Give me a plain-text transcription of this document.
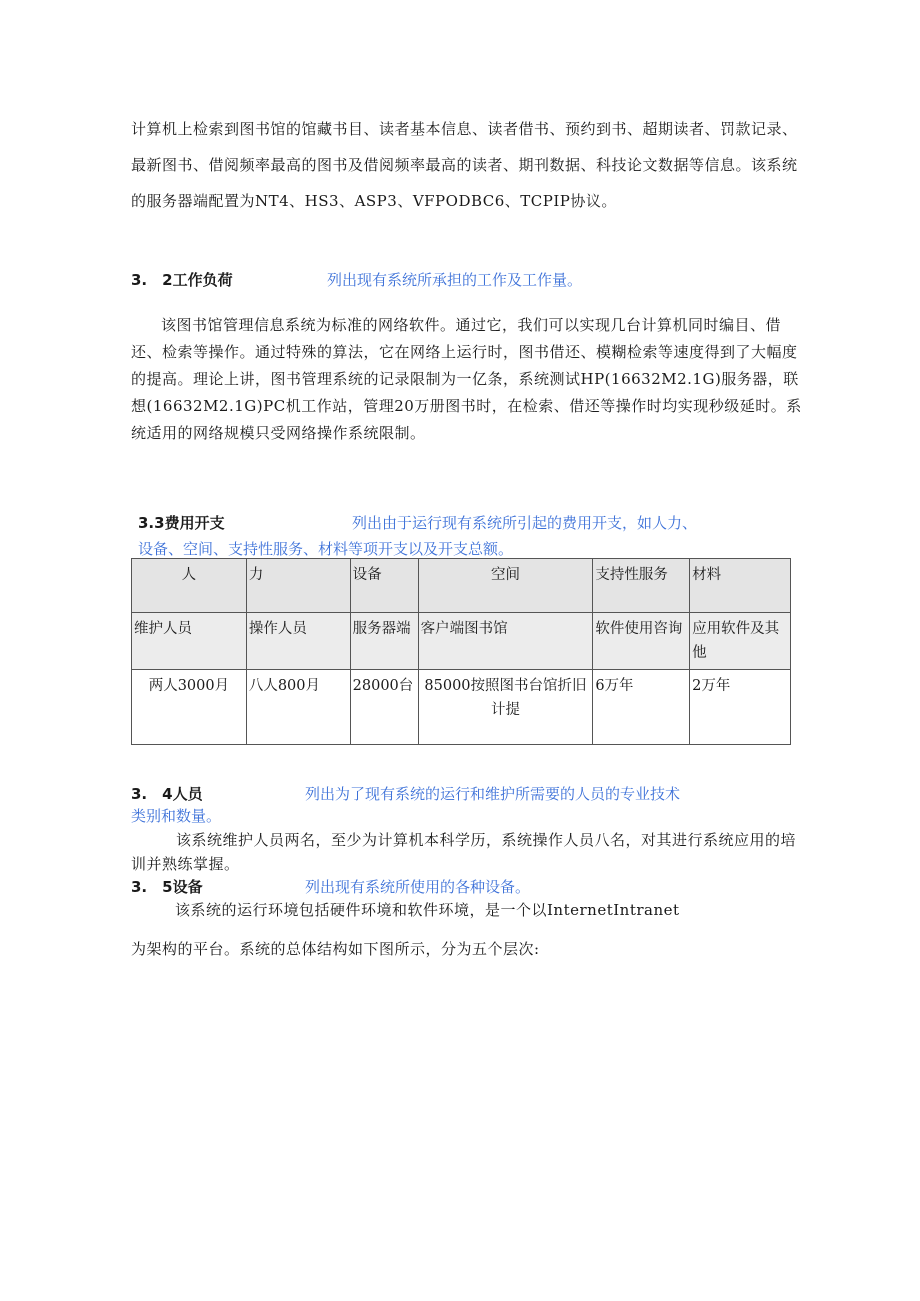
计算机上检索到图书馆的馆藏书目、读者基本信息、读者借书、预约到书、超期读者、罚款记录、
最新图书、借阅频率最高的图书及借阅频率最高的读者、期刊数据、科技论文数据等信息。该系统
的服务器端配置为NT4、HS3、ASP3、VFPODBC6、TCPIP协议。
3.　2工作负荷	列出现有系统所承担的工作及工作量。
该图书馆管理信息系统为标准的网络软件。通过它，我们可以实现几台计算机同时编目、借
还、检索等操作。通过特殊的算法，它在网络上运行时，图书借还、模糊检索等速度得到了大幅度
的提高。理论上讲，图书管理系统的记录限制为一亿条，系统测试HP(16632M2.1G)服务器，联
想(16632M2.1G)PC机工作站，管理20万册图书时，在检索、借还等操作时均实现秒级延时。系
统适用的网络规模只受网络操作系统限制。
3.3费用开支	列出由于运行现有系统所引起的费用开支，如人力、
设备、空间、支持性服务、材料等项开支以及开支总额。
人	力	设备	空间	支持性服务	材料
维护人员	操作人员	服务器端	客户端图书馆	软件使用咨询	应用软件及其他
两人3000月	八人800月	28000台	85000按照图书台馆折旧计提	6万年	2万年
3.　4人员	列出为了现有系统的运行和维护所需要的人员的专业技术
类别和数量。
该系统维护人员两名，至少为计算机本科学历，系统操作人员八名，对其进行系统应用的培
训并熟练掌握。
3.　5设备	列出现有系统所使用的各种设备。
该系统的运行环境包括硬件环境和软件环境，是一个以InternetIntranet
为架构的平台。系统的总体结构如下图所示，分为五个层次:
